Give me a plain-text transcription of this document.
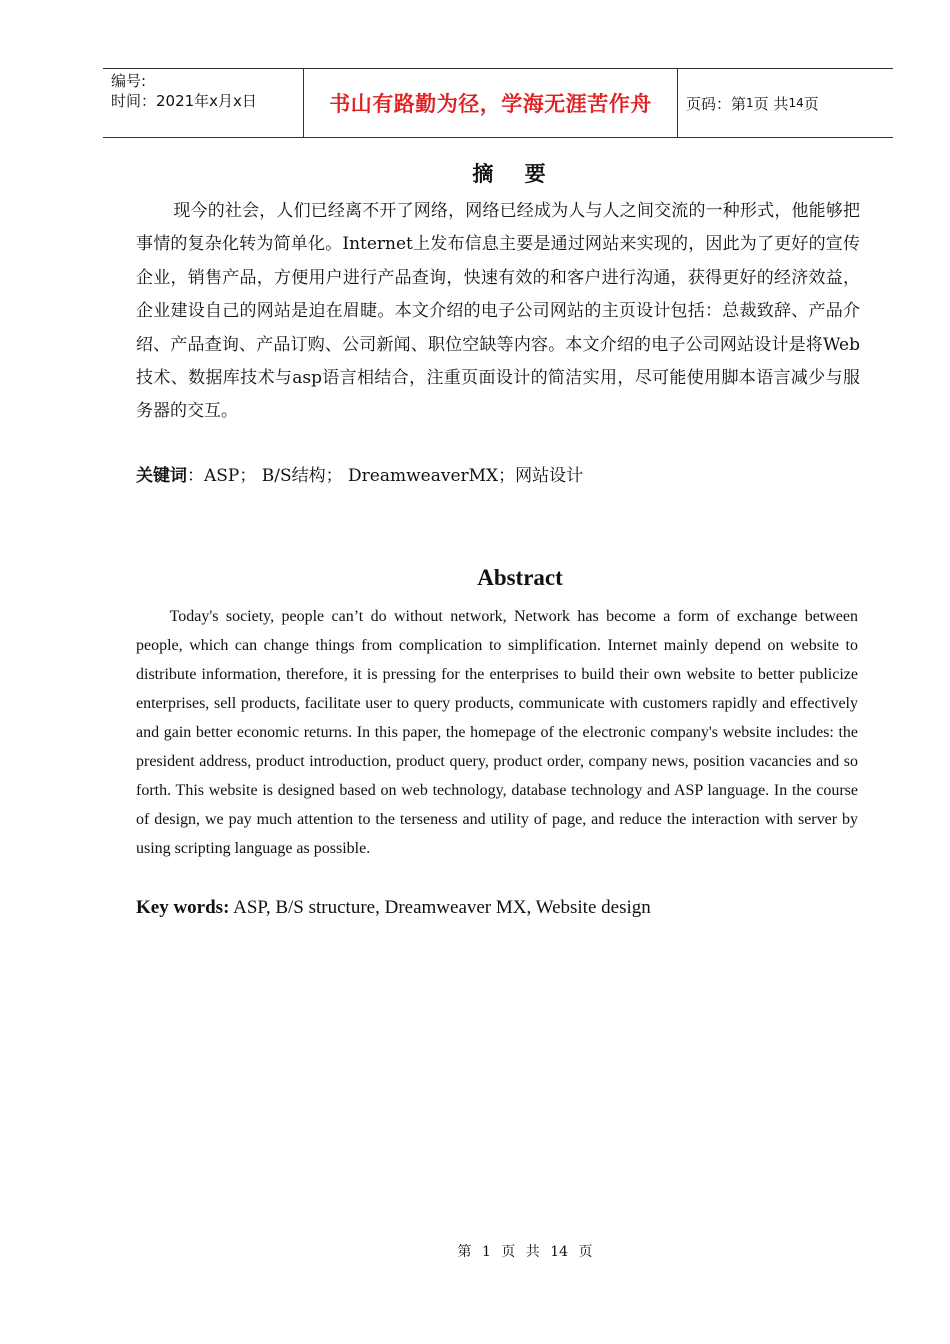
编号:
时间：2021年x月x日	书山有路勤为径，学海无涯苦作舟	页码：第 1 页 共 14 页
摘 要

现今的社会，人们已经离不开了网络，网络已经成为人与人之间交流的一种形式，他能够把事情的复杂化转为简单化。Internet上发布信息主要是通过网站来实现的，因此为了更好的宣传企业，销售产品，方便用户进行产品查询，快速有效的和客户进行沟通，获得更好的经济效益，企业建设自己的网站是迫在眉睫。本文介绍的电子公司网站的主页设计包括：总裁致辞、产品介绍、产品查询、产品订购、公司新闻、职位空缺等内容。本文介绍的电子公司网站设计是将Web技术、数据库技术与asp语言相结合，注重页面设计的简洁实用，尽可能使用脚本语言减少与服务器的交互。

关键词：ASP； B/S结构； DreamweaverMX；网站设计
Abstract

Today's society, people can’t do without network, Network has become a form of exchange between people, which can change things from complication to simplification. Internet mainly depend on website to distribute information, therefore, it is pressing for the enterprises to build their own website to better publicize enterprises, sell products, facilitate user to query products, communicate with customers rapidly and effectively and gain better economic returns. In this paper, the homepage of the electronic company's website includes: the president address, product introduction, product query, product order, company news, position vacancies and so forth. This website is designed based on web technology, database technology and ASP language. In the course of design, we pay much attention to the terseness and utility of page, and reduce the interaction with server by using scripting language as possible.

Key words: ASP, B/S structure, Dreamweaver MX, Website design
第 1 页 共 14 页
